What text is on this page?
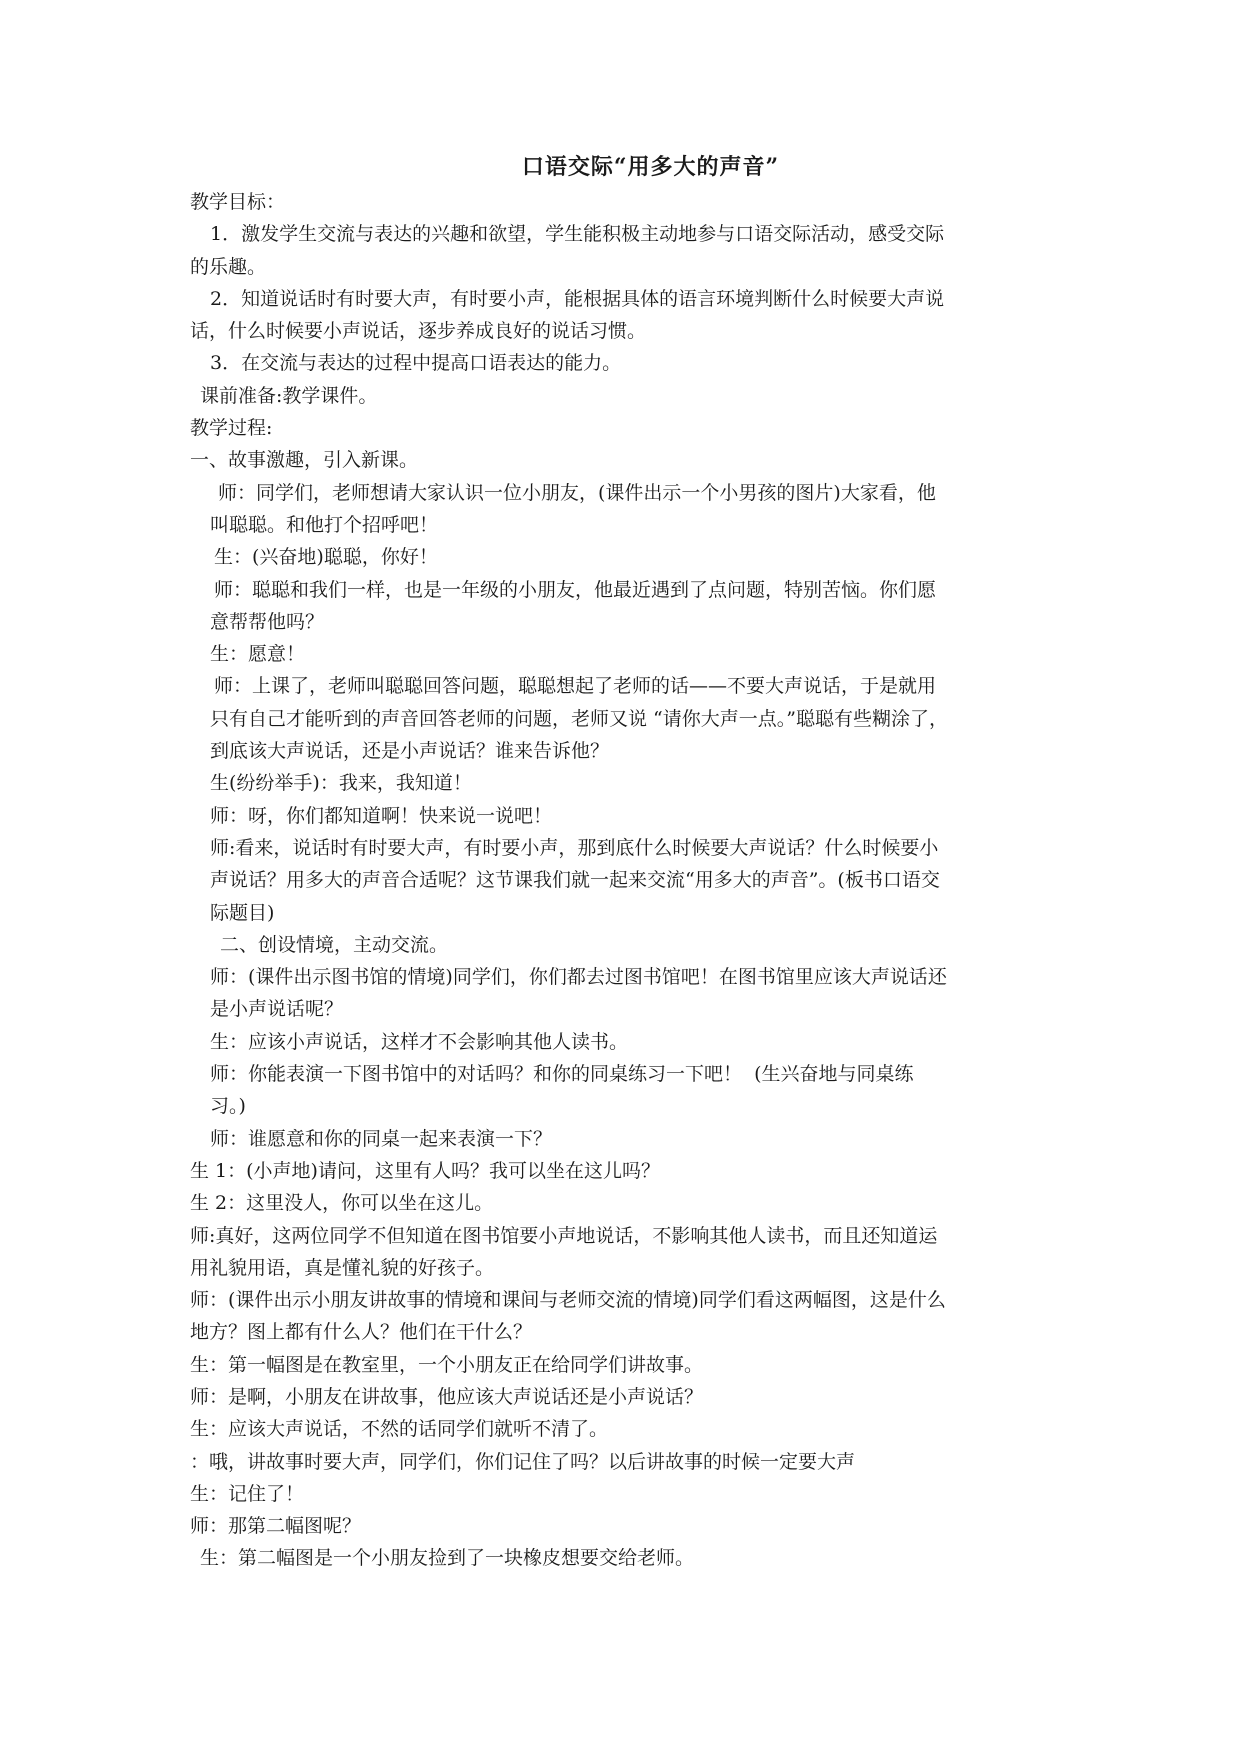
口语交际“用多大的声音”

教学目标：

1．激发学生交流与表达的兴趣和欲望，学生能积极主动地参与口语交际活动，感受交际

的乐趣。

2．知道说话时有时要大声，有时要小声，能根据具体的语言环境判断什么时候要大声说

话，什么时候要小声说话，逐步养成良好的说话习惯。

3．在交流与表达的过程中提高口语表达的能力。

课前准备:教学课件。

教学过程:

一、故事激趣，引入新课。

师：同学们，老师想请大家认识一位小朋友，(课件出示一个小男孩的图片)大家看，他

叫聪聪。和他打个招呼吧！

生：(兴奋地)聪聪，你好！

师：聪聪和我们一样，也是一年级的小朋友，他最近遇到了点问题，特别苦恼。你们愿

意帮帮他吗？

生：愿意！

师：上课了，老师叫聪聪回答问题，聪聪想起了老师的话——不要大声说话，于是就用

只有自己才能听到的声音回答老师的问题，老师又说 “请你大声一点。”聪聪有些糊涂了，

到底该大声说话，还是小声说话？谁来告诉他？

生(纷纷举手)：我来，我知道！

师：呀，你们都知道啊！快来说一说吧！

师:看来，说话时有时要大声，有时要小声，那到底什么时候要大声说话？什么时候要小

声说话？用多大的声音合适呢？这节课我们就一起来交流“用多大的声音”。(板书口语交

际题目)

二、创设情境，主动交流。

师：(课件出示图书馆的情境)同学们，你们都去过图书馆吧！在图书馆里应该大声说话还

是小声说话呢？

生：应该小声说话，这样才不会影响其他人读书。

师：你能表演一下图书馆中的对话吗？和你的同桌练习一下吧！  (生兴奋地与同桌练

习。)

师：谁愿意和你的同桌一起来表演一下？

生 1：(小声地)请问，这里有人吗？我可以坐在这儿吗？

生 2：这里没人，你可以坐在这儿。

师:真好，这两位同学不但知道在图书馆要小声地说话，不影响其他人读书，而且还知道运

用礼貌用语，真是懂礼貌的好孩子。

师：(课件出示小朋友讲故事的情境和课间与老师交流的情境)同学们看这两幅图，这是什么

地方？图上都有什么人？他们在干什么？

生：第一幅图是在教室里，一个小朋友正在给同学们讲故事。

师：是啊，小朋友在讲故事，他应该大声说话还是小声说话？

生：应该大声说话，不然的话同学们就听不清了。

：哦，讲故事时要大声，同学们，你们记住了吗？以后讲故事的时候一定要大声

生：记住了！

师：那第二幅图呢？

生：第二幅图是一个小朋友捡到了一块橡皮想要交给老师。
